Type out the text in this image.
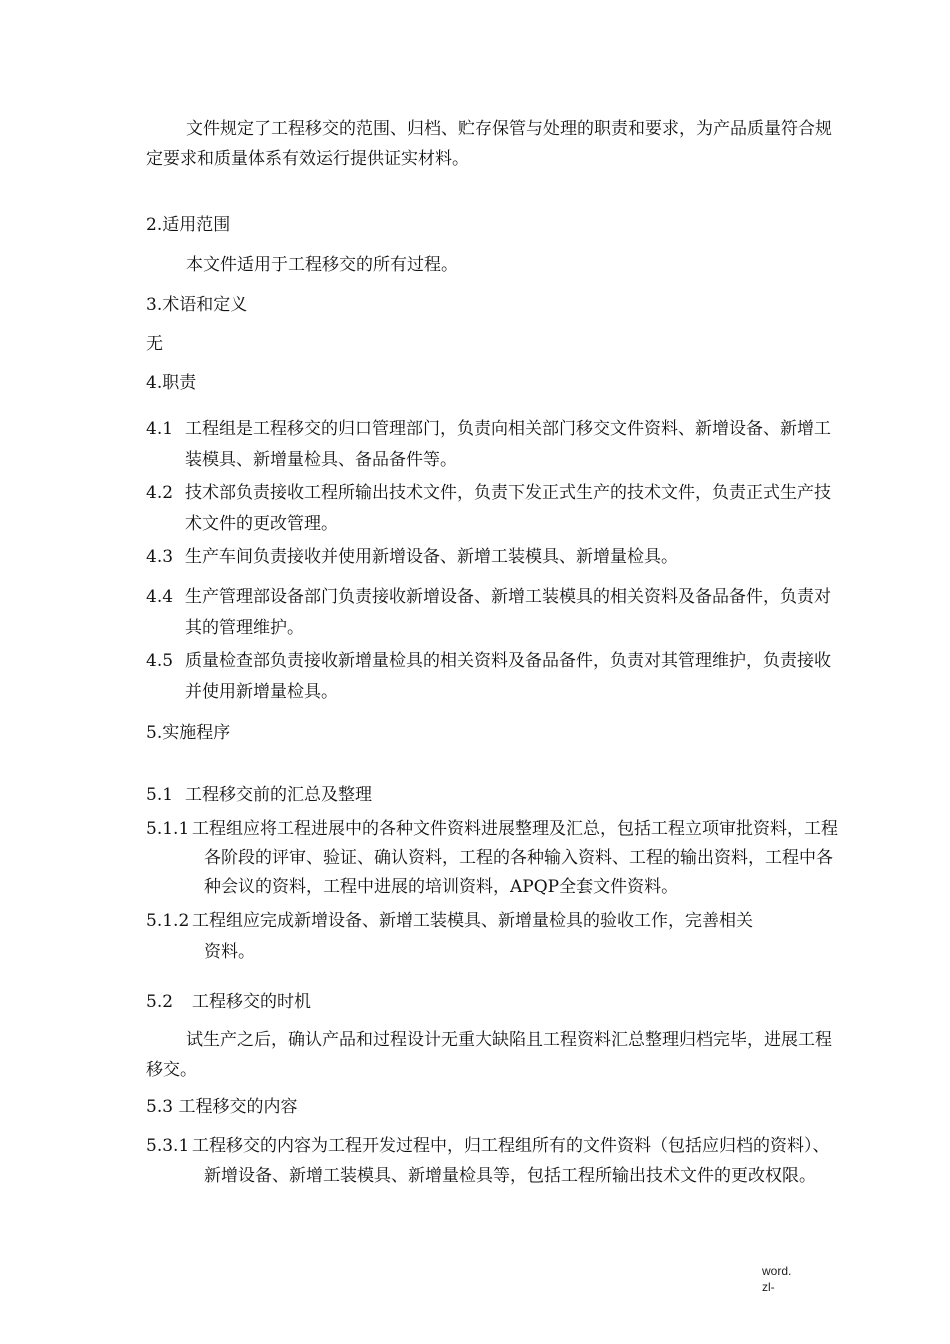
文件规定了工程移交的范围、归档、贮存保管与处理的职责和要求，为产品质量符合规定要求和质量体系有效运行提供证实材料。

2.适用范围

本文件适用于工程移交的所有过程。

3.术语和定义

无

4.职责

4.1 工程组是工程移交的归口管理部门，负责向相关部门移交文件资料、新增设备、新增工装模具、新增量检具、备品备件等。
4.2 技术部负责接收工程所输出技术文件，负责下发正式生产的技术文件，负责正式生产技术文件的更改管理。
4.3 生产车间负责接收并使用新增设备、新增工装模具、新增量检具。
4.4 生产管理部设备部门负责接收新增设备、新增工装模具的相关资料及备品备件，负责对其的管理维护。
4.5 质量检查部负责接收新增量检具的相关资料及备品备件，负责对其管理维护，负责接收并使用新增量检具。

5.实施程序

5.1 工程移交前的汇总及整理
5.1.1 工程组应将工程进展中的各种文件资料进展整理及汇总，包括工程立项审批资料，工程各阶段的评审、验证、确认资料，工程的各种输入资料、工程的输出资料，工程中各种会议的资料，工程中进展的培训资料，APQP全套文件资料。
5.1.2 工程组应完成新增设备、新增工装模具、新增量检具的验收工作，完善相关
资料。
5.2 工程移交的时机

试生产之后，确认产品和过程设计无重大缺陷且工程资料汇总整理归档完毕，进展工程移交。

5.3 工程移交的内容

5.3.1 工程移交的内容为工程开发过程中，归工程组所有的文件资料（包括应归档的资料）、新增设备、新增工装模具、新增量检具等，包括工程所输出技术文件的更改权限。
word.
zl-
